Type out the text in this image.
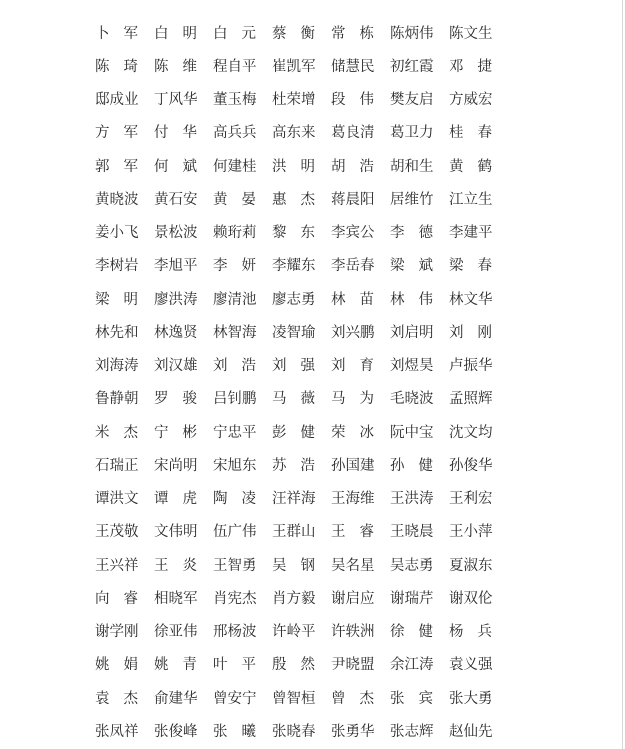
卜 军 白 明 白 元 蔡 衡 常 栋 陈 炳 伟 陈 文 生
陈 琦 陈 维 程 自 平 崔 凯 军 储 慧 民 初 红 霞 邓 捷
邸 成 业 丁 风 华 董 玉 梅 杜 荣 增 段 伟 樊 友 启 方 威 宏
方 军 付 华 高 兵 兵 高 东 来 葛 良 清 葛 卫 力 桂 春
郭 军 何 斌 何 建 桂 洪 明 胡 浩 胡 和 生 黄 鹤
黄 晓 波 黄 石 安 黄 晏 惠 杰 蒋 晨 阳 居 维 竹 江 立 生
姜 小 飞 景 松 波 赖 珩 莉 黎 东 李 宾 公 李 德 李 建 平
李 树 岩 李 旭 平 李 妍 李 耀 东 李 岳 春 梁 斌 梁 春
梁 明 廖 洪 涛 廖 清 池 廖 志 勇 林 苗 林 伟 林 文 华
林 先 和 林 逸 贤 林 智 海 凌 智 瑜 刘 兴 鹏 刘 启 明 刘 刚
刘 海 涛 刘 汉 雄 刘 浩 刘 强 刘 育 刘 煜 昊 卢 振 华
鲁 静 朝 罗 骏 吕 钊 鹏 马 薇 马 为 毛 晓 波 孟 照 辉
米 杰 宁 彬 宁 忠 平 彭 健 荣 冰 阮 中 宝 沈 文 均
石 瑞 正 宋 尚 明 宋 旭 东 苏 浩 孙 国 建 孙 健 孙 俊 华
谭 洪 文 谭 虎 陶 凌 汪 祥 海 王 海 维 王 洪 涛 王 利 宏
王 茂 敬 文 伟 明 伍 广 伟 王 群 山 王 睿 王 晓 晨 王 小 萍
王 兴 祥 王 炎 王 智 勇 吴 钢 吴 名 星 吴 志 勇 夏 淑 东
向 睿 相 晓 军 肖 宪 杰 肖 方 毅 谢 启 应 谢 瑞 芹 谢 双 伦
谢 学 刚 徐 亚 伟 邢 杨 波 许 岭 平 许 轶 洲 徐 健 杨 兵
姚 娟 姚 青 叶 平 殷 然 尹 晓 盟 余 江 涛 袁 义 强
袁 杰 俞 建 华 曾 安 宁 曾 智 桓 曾 杰 张 宾 张 大 勇
张 凤 祥 张 俊 峰 张 曦 张 晓 春 张 勇 华 张 志 辉 赵 仙 先
